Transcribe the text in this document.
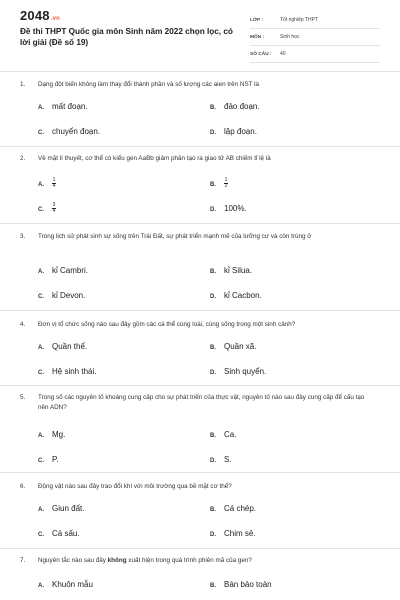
2048.vn
Đề thi THPT Quốc gia môn Sinh năm 2022 chọn lọc, có lời giải (Đề số 19)
LỚP :	Tốt nghiệp THPT
MÔN :	Sinh học
SỐ CÂU :	40
1. Dạng đột biến không làm thay đổi thành phần và số lượng các alen trên NST là
A. mất đoạn.	B. đảo đoạn.
C. chuyển đoạn.	D. lặp đoạn.
2. Về mặt lí thuyết, cơ thể có kiểu gen AaBb giảm phân tạo ra giao tử AB chiếm tỉ lệ là
A. $\frac{1}{4}$	B. $\frac{1}{2}$
C. $\frac{3}{4}$	D. 100%.
3. Trong lịch sử phát sinh sự sống trên Trái Đất, sự phát triển mạnh mẽ của lưỡng cư và côn trùng ở
A. kỉ Cambri.	B. kỉ Silua.
C. kỉ Devon.	D. kỉ Cacbon.
4. Đơn vị tổ chức sống nào sau đây gồm các cá thể cùng loài, cùng sống trong một sinh cảnh?
A. Quần thể.	B. Quần xã.
C. Hệ sinh thái.	D. Sinh quyển.
5. Trong số các nguyên tố khoáng cung cấp cho sự phát triển của thực vật, nguyên tố nào sau đây cung cấp để cấu tạo nên ADN?
A. Mg.	B. Ca.
C. P.	D. S.
6. Động vật nào sau đây trao đổi khí với môi trường qua bề mặt cơ thể?
A. Giun đất.	B. Cá chép.
C. Cá sấu.	D. Chim sẻ.
7. Nguyên tắc nào sau đây không xuất hiện trong quá trình phiên mã của gen?
A. Khuôn mẫu	B. Bán bảo toàn
